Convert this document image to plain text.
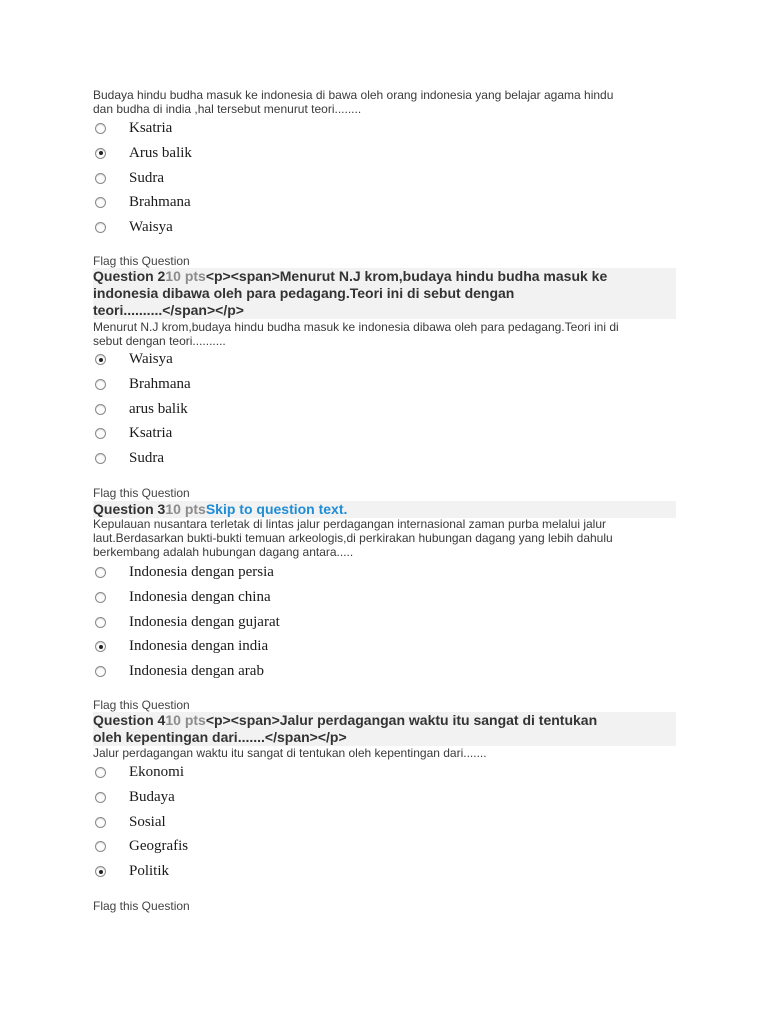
Budaya hindu budha masuk ke indonesia di bawa oleh orang indonesia yang belajar agama hindu
dan budha di india ,hal tersebut menurut teori........
Ksatria
Arus balik
Sudra
Brahmana
Waisya
Flag this Question
Question 210 pts<p><span>Menurut N.J krom,budaya hindu budha masuk ke
indonesia dibawa oleh para pedagang.Teori ini di sebut dengan
teori..........</span></p>
Menurut N.J krom,budaya hindu budha masuk ke indonesia dibawa oleh para pedagang.Teori ini di
sebut dengan teori..........
Waisya
Brahmana
arus balik
Ksatria
Sudra
Flag this Question
Question 310 ptsSkip to question text.
Kepulauan nusantara terletak di lintas jalur perdagangan internasional zaman purba melalui jalur
laut.Berdasarkan bukti-bukti temuan arkeologis,di perkirakan hubungan dagang yang lebih dahulu
berkembang adalah hubungan dagang antara.....
Indonesia dengan persia
Indonesia dengan china
Indonesia dengan gujarat
Indonesia dengan india
Indonesia dengan arab
Flag this Question
Question 410 pts<p><span>Jalur perdagangan waktu itu sangat di tentukan
oleh kepentingan dari.......</span></p>
Jalur perdagangan waktu itu sangat di tentukan oleh kepentingan dari.......
Ekonomi
Budaya
Sosial
Geografis
Politik
Flag this Question
